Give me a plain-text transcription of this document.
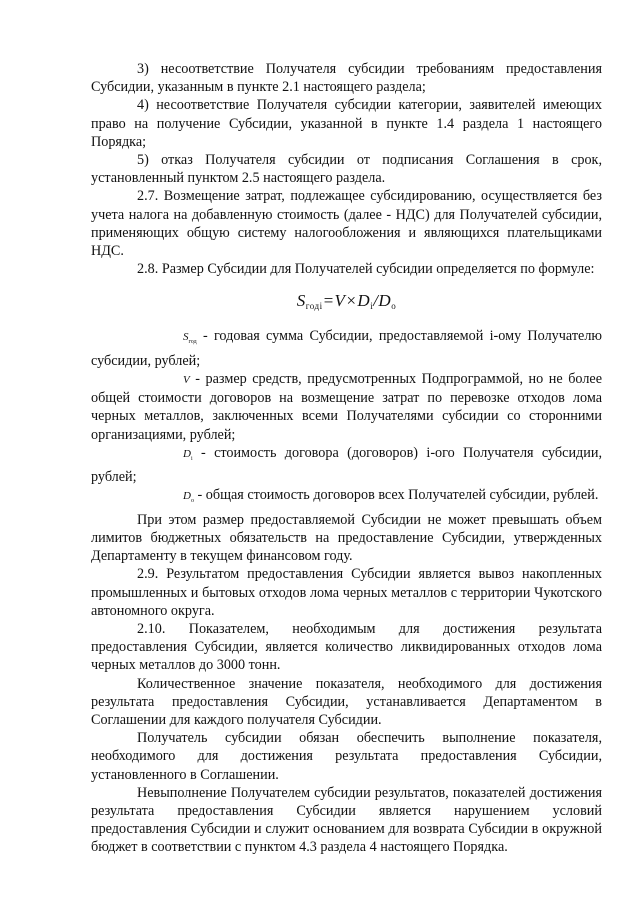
3) несоответствие Получателя субсидии требованиям предоставления Субсидии, указанным в пункте 2.1 настоящего раздела;

4) несоответствие Получателя субсидии категории, заявителей имеющих право на получение Субсидии, указанной в пункте 1.4 раздела 1 настоящего Порядка;

5) отказ Получателя субсидии от подписания Соглашения в срок, установленный пунктом 2.5 настоящего раздела.

2.7. Возмещение затрат, подлежащее субсидированию, осуществляется без учета налога на добавленную стоимость (далее - НДС) для Получателей субсидии, применяющих общую систему налогообложения и являющихся плательщиками НДС.

2.8. Размер Субсидии для Получателей субсидии определяется по формуле:

$S_{годi}=V\times D_i/D_o$

$S_{год}$ - годовая сумма Субсидии, предоставляемой i-ому Получателю субсидии, рублей;

V - размер средств, предусмотренных Подпрограммой, но не более общей стоимости договоров на возмещение затрат по перевозке отходов лома черных металлов, заключенных всеми Получателями субсидии со сторонними организациями, рублей;

$D_i$ - стоимость договора (договоров) i-ого Получателя субсидии, рублей;

$D_o$ - общая стоимость договоров всех Получателей субсидии, рублей.

При этом размер предоставляемой Субсидии не может превышать объем лимитов бюджетных обязательств на предоставление Субсидии, утвержденных Департаменту в текущем финансовом году.

2.9. Результатом предоставления Субсидии является вывоз накопленных промышленных и бытовых отходов лома черных металлов с территории Чукотского автономного округа.

2.10. Показателем, необходимым для достижения результата предоставления Субсидии, является количество ликвидированных отходов лома черных металлов до 3000 тонн.

Количественное значение показателя, необходимого для достижения результата предоставления Субсидии, устанавливается Департаментом в Соглашении для каждого получателя Субсидии.

Получатель субсидии обязан обеспечить выполнение показателя, необходимого для достижения результата предоставления Субсидии, установленного в Соглашении.

Невыполнение Получателем субсидии результатов, показателей достижения результата предоставления Субсидии является нарушением условий предоставления Субсидии и служит основанием для возврата Субсидии в окружной бюджет в соответствии с пунктом 4.3 раздела 4 настоящего Порядка.
